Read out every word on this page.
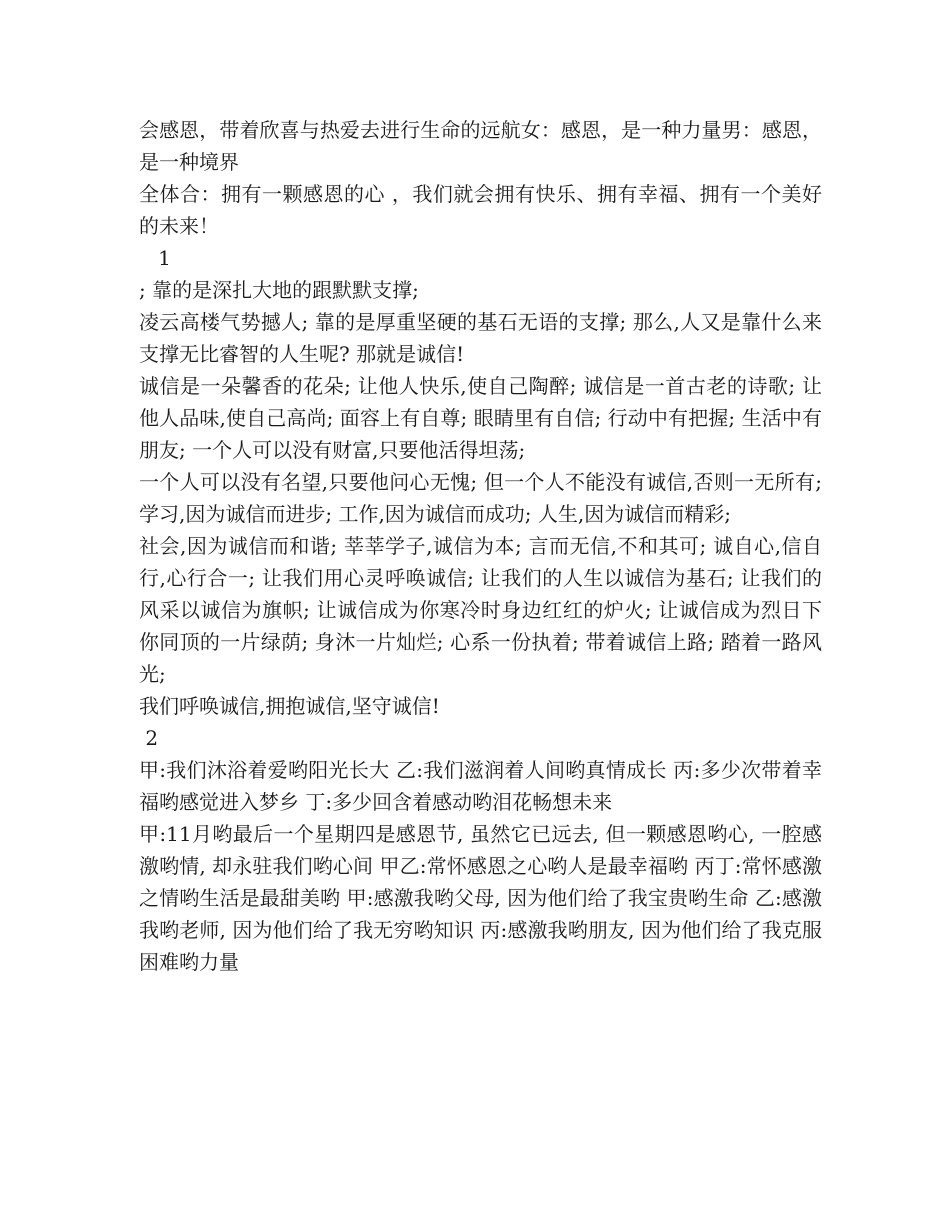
会感恩，带着欣喜与热爱去进行生命的远航女：感恩，是一种力量男：感恩，是一种境界

全体合：拥有一颗感恩的心 ，我们就会拥有快乐、拥有幸福、拥有一个美好的未来！

1

; 靠的是深扎大地的跟默默支撑;

凌云高楼气势撼人; 靠的是厚重坚硬的基石无语的支撑; 那么,人又是靠什么来支撑无比睿智的人生呢? 那就是诚信!

诚信是一朵馨香的花朵; 让他人快乐,使自己陶醉; 诚信是一首古老的诗歌; 让他人品味,使自己高尚; 面容上有自尊; 眼睛里有自信; 行动中有把握; 生活中有朋友; 一个人可以没有财富,只要他活得坦荡;

一个人可以没有名望,只要他问心无愧; 但一个人不能没有诚信,否则一无所有; 学习,因为诚信而进步; 工作,因为诚信而成功; 人生,因为诚信而精彩;

社会,因为诚信而和谐; 莘莘学子,诚信为本; 言而无信,不和其可; 诚自心,信自行,心行合一; 让我们用心灵呼唤诚信; 让我们的人生以诚信为基石; 让我们的风采以诚信为旗帜; 让诚信成为你寒冷时身边红红的炉火; 让诚信成为烈日下你同顶的一片绿荫; 身沐一片灿烂; 心系一份执着; 带着诚信上路; 踏着一路风光;

我们呼唤诚信,拥抱诚信,坚守诚信!

2

甲:我们沐浴着爱哟阳光长大 乙:我们滋润着人间哟真情成长 丙:多少次带着幸福哟感觉进入梦乡 丁:多少回含着感动哟泪花畅想未来

甲:11月哟最后一个星期四是感恩节, 虽然它已远去, 但一颗感恩哟心, 一腔感激哟情, 却永驻我们哟心间 甲乙:常怀感恩之心哟人是最幸福哟 丙丁:常怀感激之情哟生活是最甜美哟 甲:感激我哟父母, 因为他们给了我宝贵哟生命 乙:感激我哟老师, 因为他们给了我无穷哟知识 丙:感激我哟朋友, 因为他们给了我克服困难哟力量
